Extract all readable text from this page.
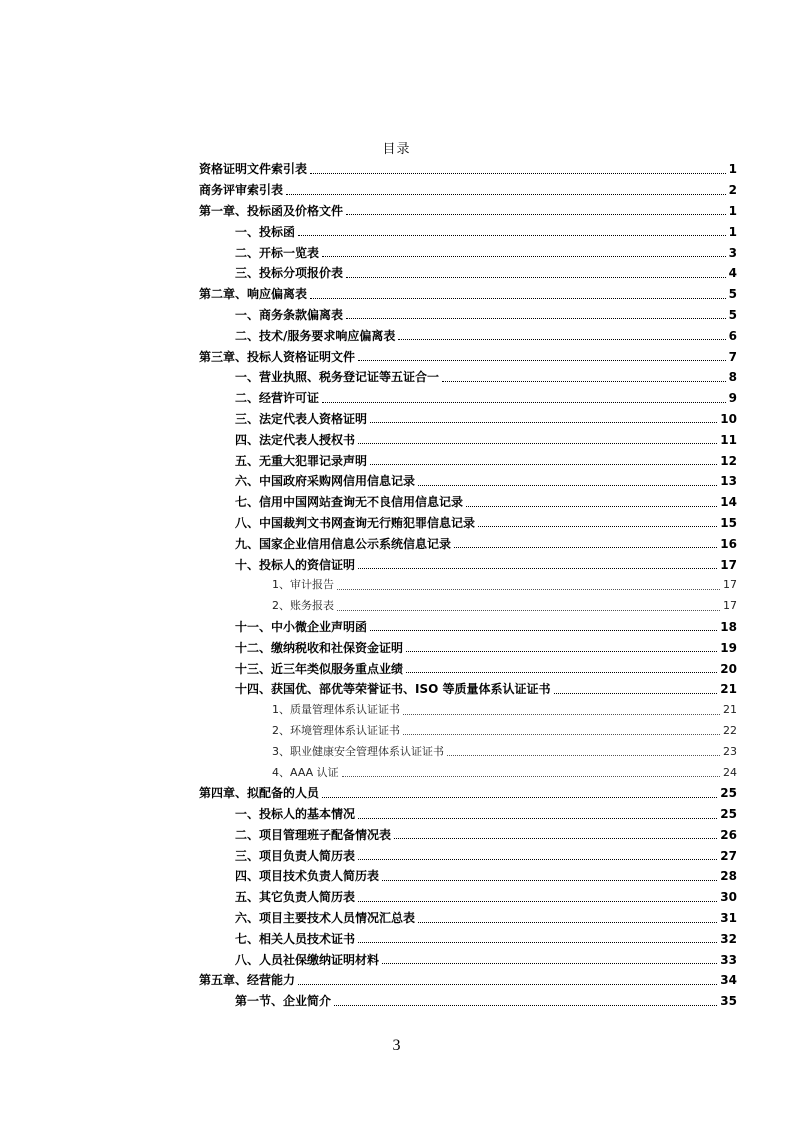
目录
资格证明文件索引表	1
商务评审索引表	2
第一章、投标函及价格文件	1
一、投标函	1
二、开标一览表	3
三、投标分项报价表	4
第二章、响应偏离表	5
一、商务条款偏离表	5
二、技术/服务要求响应偏离表	6
第三章、投标人资格证明文件	7
一、营业执照、税务登记证等五证合一	8
二、经营许可证	9
三、法定代表人资格证明	10
四、法定代表人授权书	11
五、无重大犯罪记录声明	12
六、中国政府采购网信用信息记录	13
七、信用中国网站查询无不良信用信息记录	14
八、中国裁判文书网查询无行贿犯罪信息记录	15
九、国家企业信用信息公示系统信息记录	16
十、投标人的资信证明	17
1、审计报告	17
2、账务报表	17
十一、中小微企业声明函	18
十二、缴纳税收和社保资金证明	19
十三、近三年类似服务重点业绩	20
十四、获国优、部优等荣誉证书、ISO 等质量体系认证证书	21
1、质量管理体系认证证书	21
2、环境管理体系认证证书	22
3、职业健康安全管理体系认证证书	23
4、AAA 认证	24
第四章、拟配备的人员	25
一、投标人的基本情况	25
二、项目管理班子配备情况表	26
三、项目负责人简历表	27
四、项目技术负责人简历表	28
五、其它负责人简历表	30
六、项目主要技术人员情况汇总表	31
七、相关人员技术证书	32
八、人员社保缴纳证明材料	33
第五章、经营能力	34
第一节、企业简介	35
3
